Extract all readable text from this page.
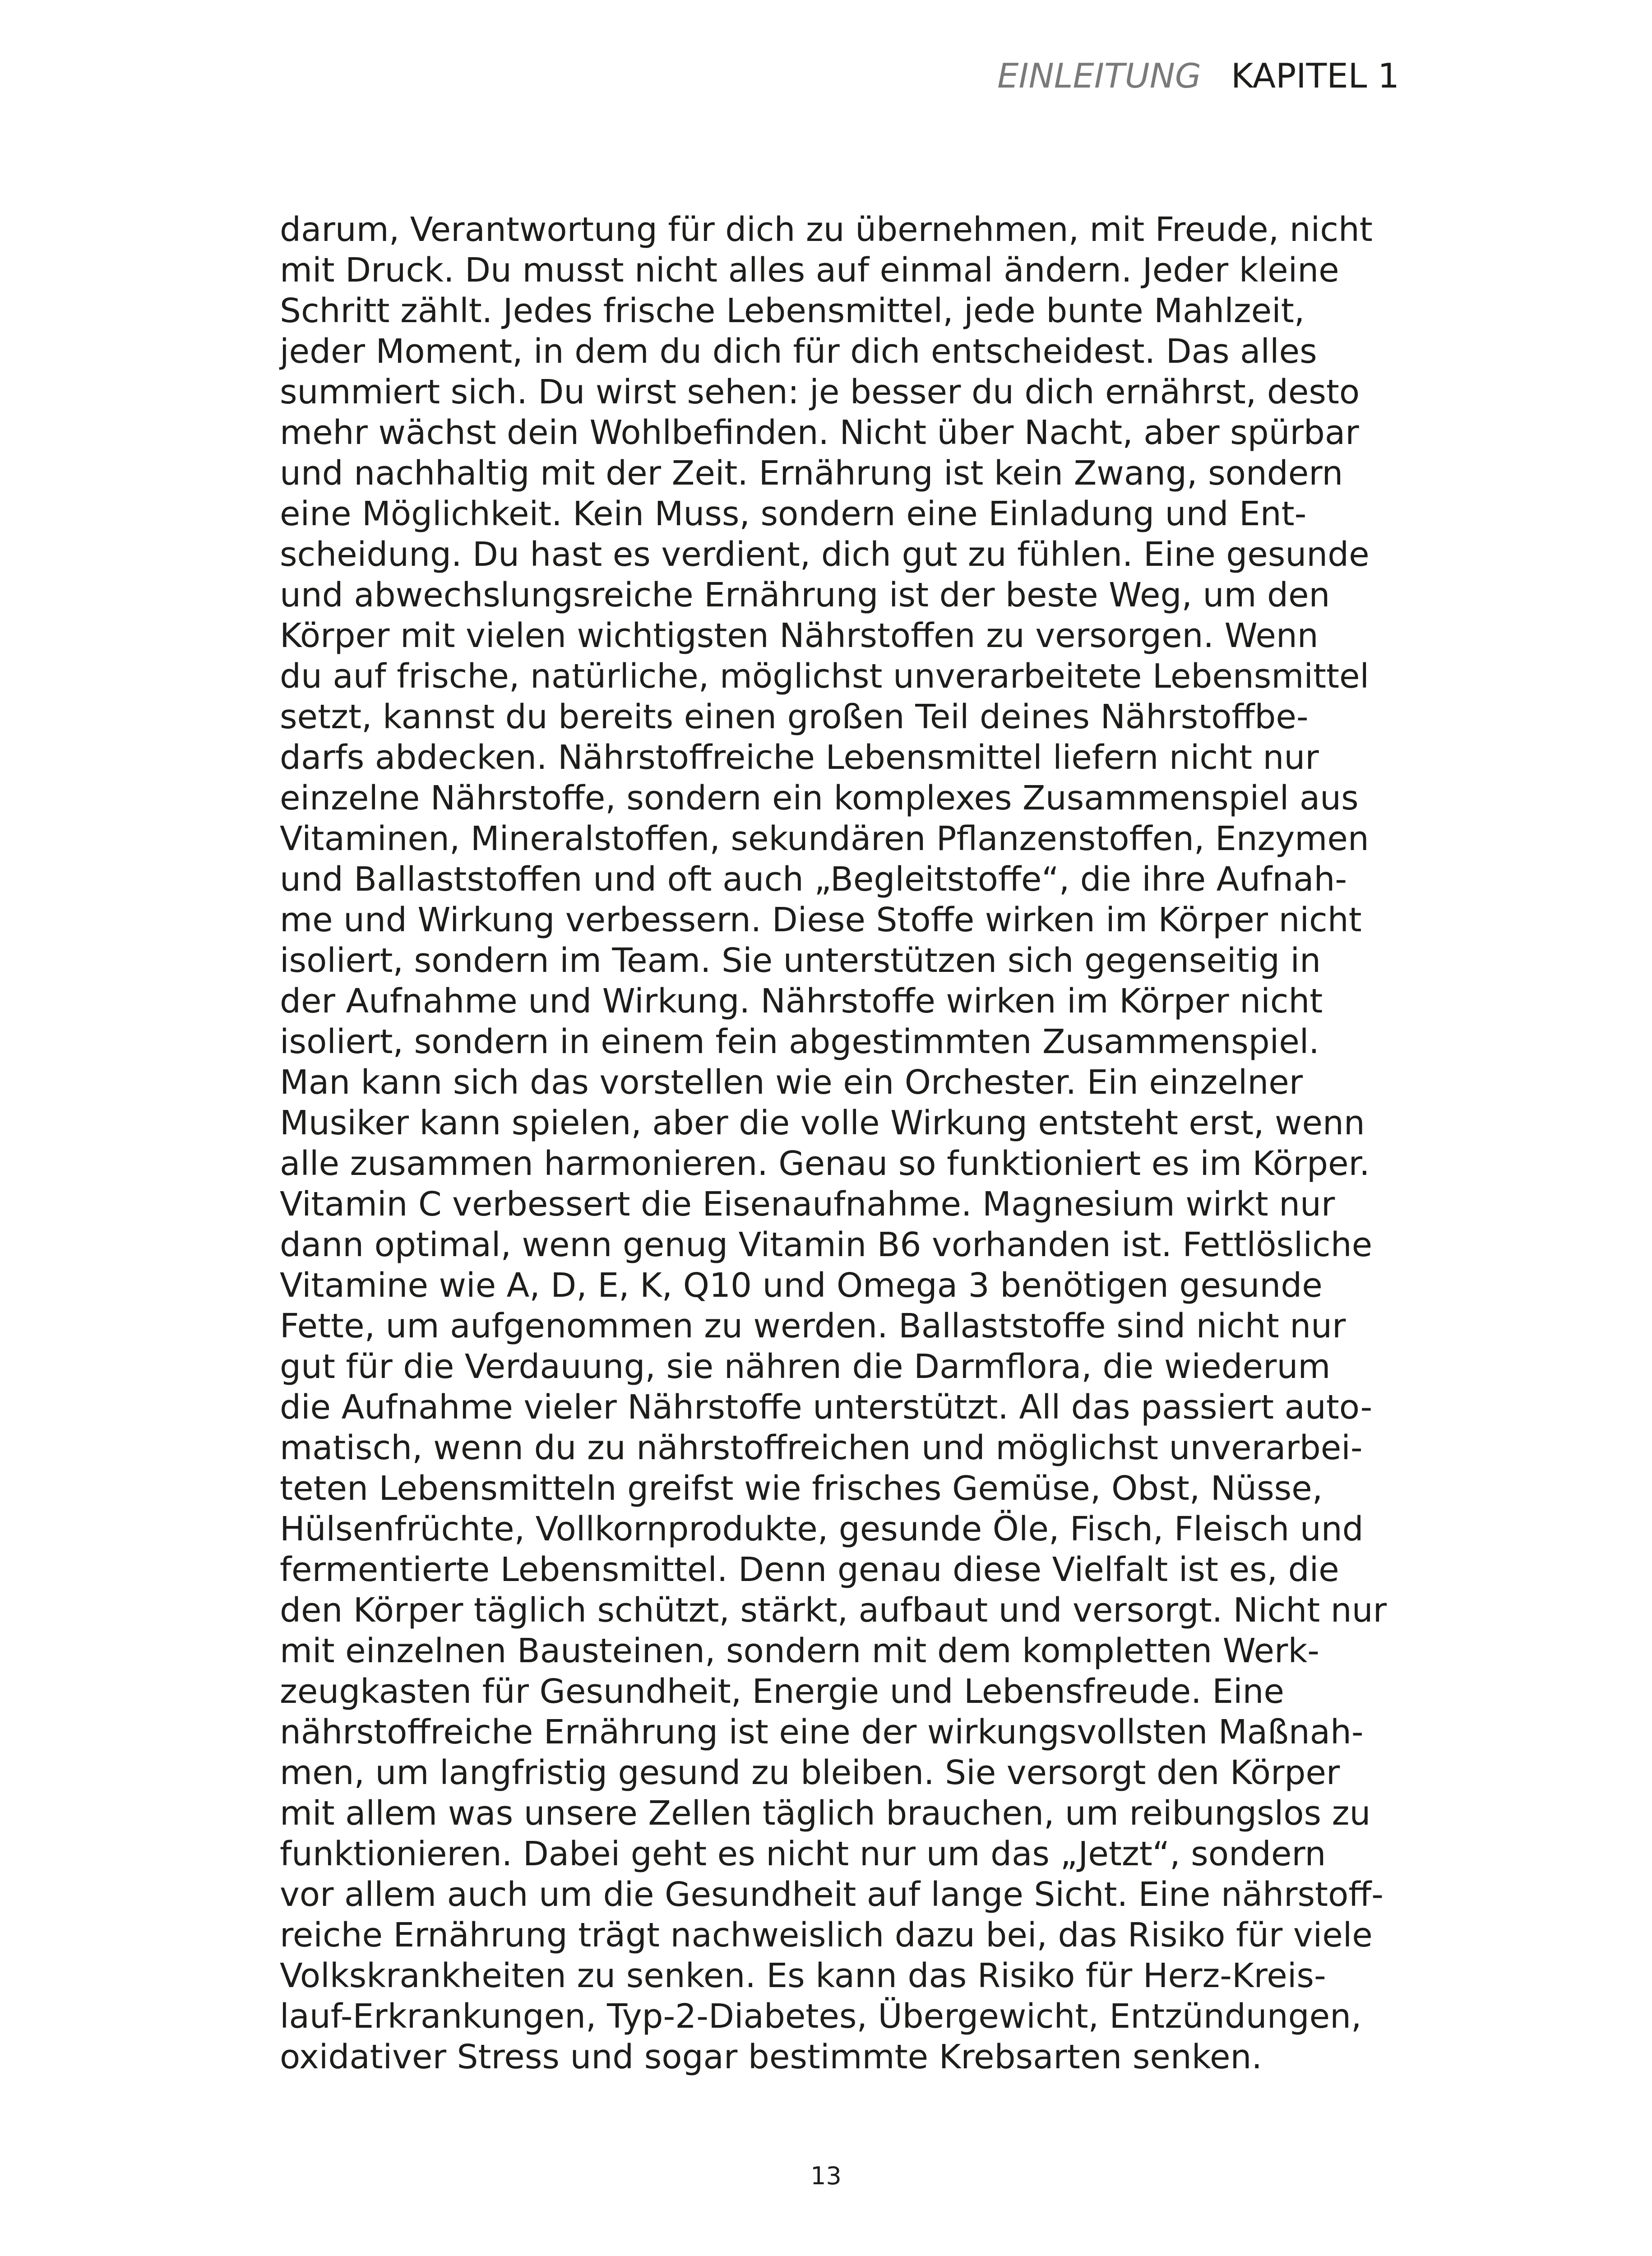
EINLEITUNG KAPITEL 1
darum, Verantwortung für dich zu übernehmen, mit Freude, nicht
mit Druck. Du musst nicht alles auf einmal ändern. Jeder kleine
Schritt zählt. Jedes frische Lebensmittel, jede bunte Mahlzeit,
jeder Moment, in dem du dich für dich entscheidest. Das alles
summiert sich. Du wirst sehen: je besser du dich ernährst, desto
mehr wächst dein Wohlbefinden. Nicht über Nacht, aber spürbar
und nachhaltig mit der Zeit. Ernährung ist kein Zwang, sondern
eine Möglichkeit. Kein Muss, sondern eine Einladung und Ent-
scheidung. Du hast es verdient, dich gut zu fühlen. Eine gesunde
und abwechslungsreiche Ernährung ist der beste Weg, um den
Körper mit vielen wichtigsten Nährstoffen zu versorgen. Wenn
du auf frische, natürliche, möglichst unverarbeitete Lebensmittel
setzt, kannst du bereits einen großen Teil deines Nährstoffbe-
darfs abdecken. Nährstoffreiche Lebensmittel liefern nicht nur
einzelne Nährstoffe, sondern ein komplexes Zusammenspiel aus
Vitaminen, Mineralstoffen, sekundären Pflanzenstoffen, Enzymen
und Ballaststoffen und oft auch „Begleitstoffe“, die ihre Aufnah-
me und Wirkung verbessern. Diese Stoffe wirken im Körper nicht
isoliert, sondern im Team. Sie unterstützen sich gegenseitig in
der Aufnahme und Wirkung. Nährstoffe wirken im Körper nicht
isoliert, sondern in einem fein abgestimmten Zusammenspiel.
Man kann sich das vorstellen wie ein Orchester. Ein einzelner
Musiker kann spielen, aber die volle Wirkung entsteht erst, wenn
alle zusammen harmonieren. Genau so funktioniert es im Körper.
Vitamin C verbessert die Eisenaufnahme. Magnesium wirkt nur
dann optimal, wenn genug Vitamin B6 vorhanden ist. Fettlösliche
Vitamine wie A, D, E, K, Q10 und Omega 3 benötigen gesunde
Fette, um aufgenommen zu werden. Ballaststoffe sind nicht nur
gut für die Verdauung, sie nähren die Darmflora, die wiederum
die Aufnahme vieler Nährstoffe unterstützt. All das passiert auto-
matisch, wenn du zu nährstoffreichen und möglichst unverarbei-
teten Lebensmitteln greifst wie frisches Gemüse, Obst, Nüsse,
Hülsenfrüchte, Vollkornprodukte, gesunde Öle, Fisch, Fleisch und
fermentierte Lebensmittel. Denn genau diese Vielfalt ist es, die
den Körper täglich schützt, stärkt, aufbaut und versorgt. Nicht nur
mit einzelnen Bausteinen, sondern mit dem kompletten Werk-
zeugkasten für Gesundheit, Energie und Lebensfreude. Eine
nährstoffreiche Ernährung ist eine der wirkungsvollsten Maßnah-
men, um langfristig gesund zu bleiben. Sie versorgt den Körper
mit allem was unsere Zellen täglich brauchen, um reibungslos zu
funktionieren. Dabei geht es nicht nur um das „Jetzt“, sondern
vor allem auch um die Gesundheit auf lange Sicht. Eine nährstoff-
reiche Ernährung trägt nachweislich dazu bei, das Risiko für viele
Volkskrankheiten zu senken. Es kann das Risiko für Herz-Kreis-
lauf-Erkrankungen, Typ-2-Diabetes, Übergewicht, Entzündungen,
oxidativer Stress und sogar bestimmte Krebsarten senken.
13
